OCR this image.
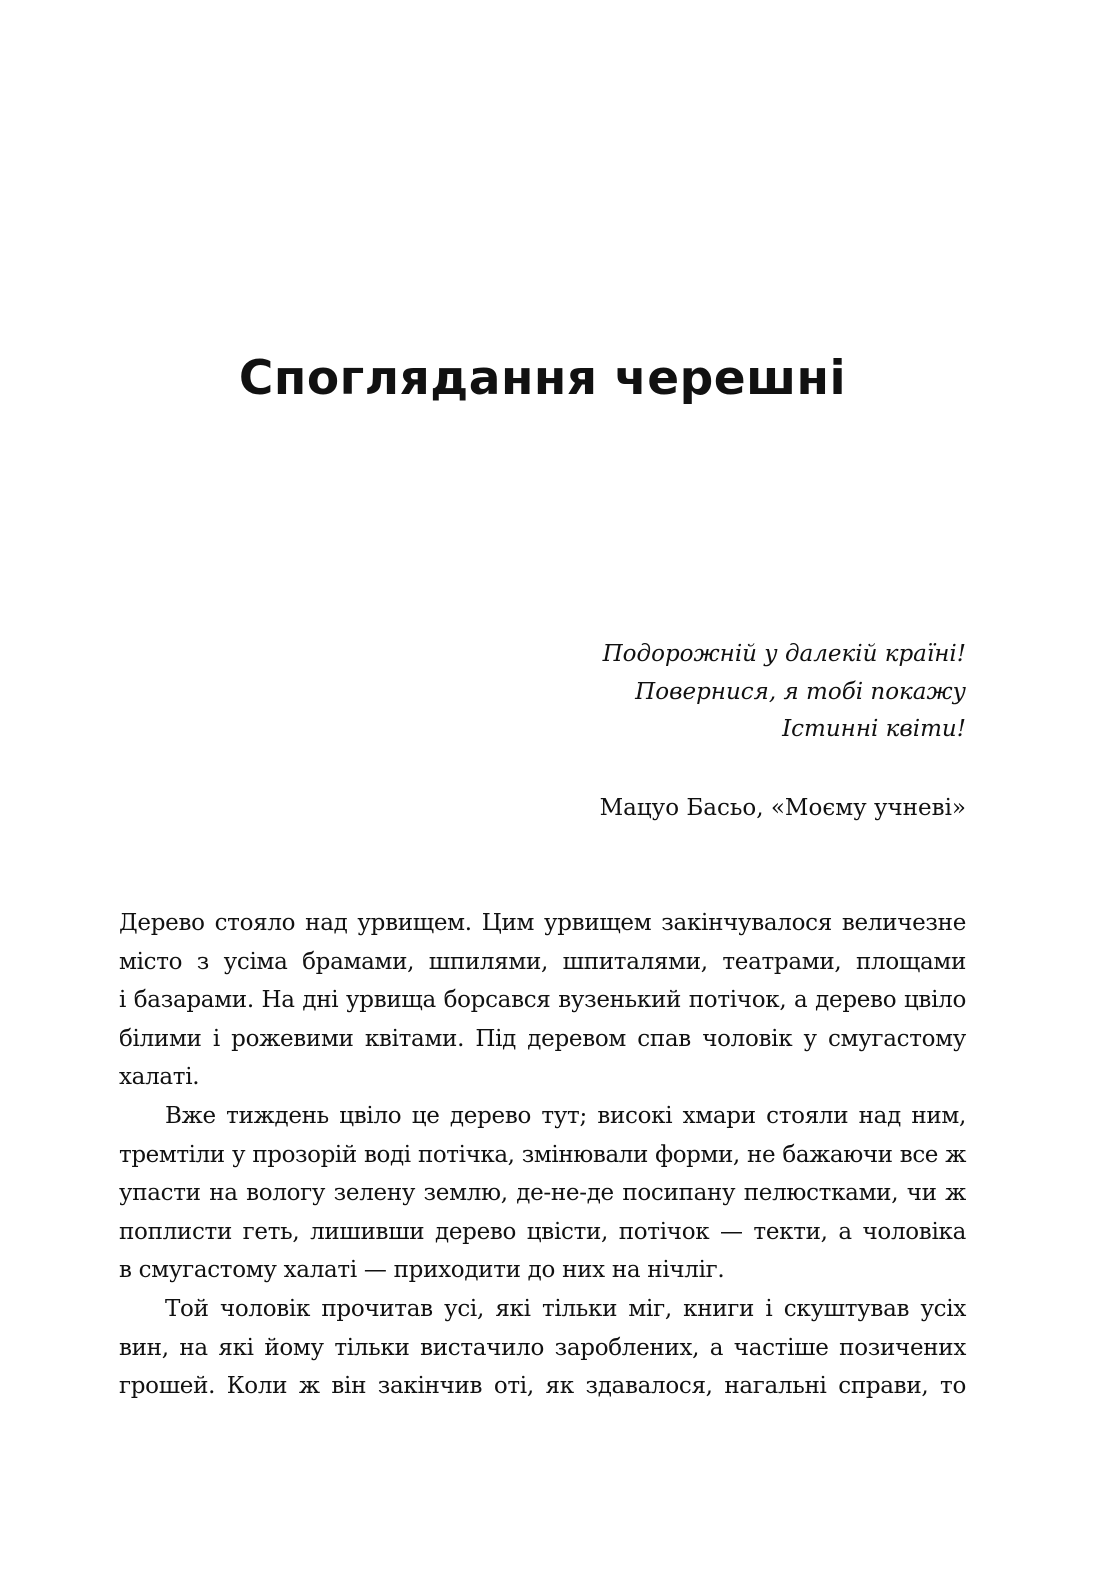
Споглядання черешні
Подорожній у далекій країні!
Повернися, я тобі покажу
Істинні квіти!
Мацуо Басьо, «Моєму учневі»

Дерево стояло над урвищем. Цим урвищем закінчувалося величезне
місто з усіма брамами, шпилями, шпиталями, театрами, площами
і базарами. На дні урвища борсався вузенький потічок, а дерево цвіло
білими і рожевими квітами. Під деревом спав чоловік у смугастому
халаті.

Вже тиждень цвіло це дерево тут; високі хмари стояли над ним,
тремтіли у прозорій воді потічка, змінювали форми, не бажаючи все ж
упасти на вологу зелену землю, де-не-де посипану пелюстками, чи ж
поплисти геть, лишивши дерево цвісти, потічок — текти, а чоловіка
в смугастому халаті — приходити до них на нічліг.

Той чоловік прочитав усі, які тільки міг, книги і скуштував усіх
вин, на які йому тільки вистачило зароблених, а частіше позичених
грошей. Коли ж він закінчив оті, як здавалося, нагальні справи, то
